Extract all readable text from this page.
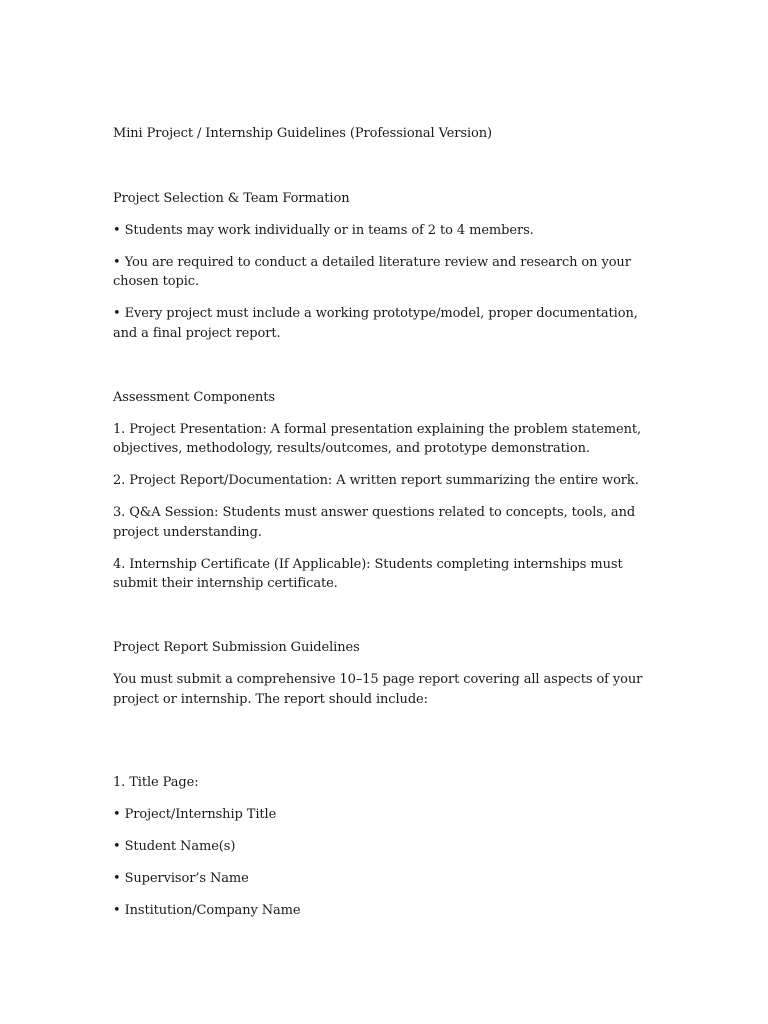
Mini Project / Internship Guidelines (Professional Version)

Project Selection & Team Formation

• Students may work individually or in teams of 2 to 4 members.

• You are required to conduct a detailed literature review and research on your chosen topic.

• Every project must include a working prototype/model, proper documentation, and a final project report.

Assessment Components

1. Project Presentation: A formal presentation explaining the problem statement, objectives, methodology, results/outcomes, and prototype demonstration.

2. Project Report/Documentation: A written report summarizing the entire work.

3. Q&A Session: Students must answer questions related to concepts, tools, and project understanding.

4. Internship Certificate (If Applicable): Students completing internships must submit their internship certificate.

Project Report Submission Guidelines

You must submit a comprehensive 10–15 page report covering all aspects of your project or internship. The report should include:

1. Title Page:

• Project/Internship Title

• Student Name(s)

• Supervisor’s Name

• Institution/Company Name
